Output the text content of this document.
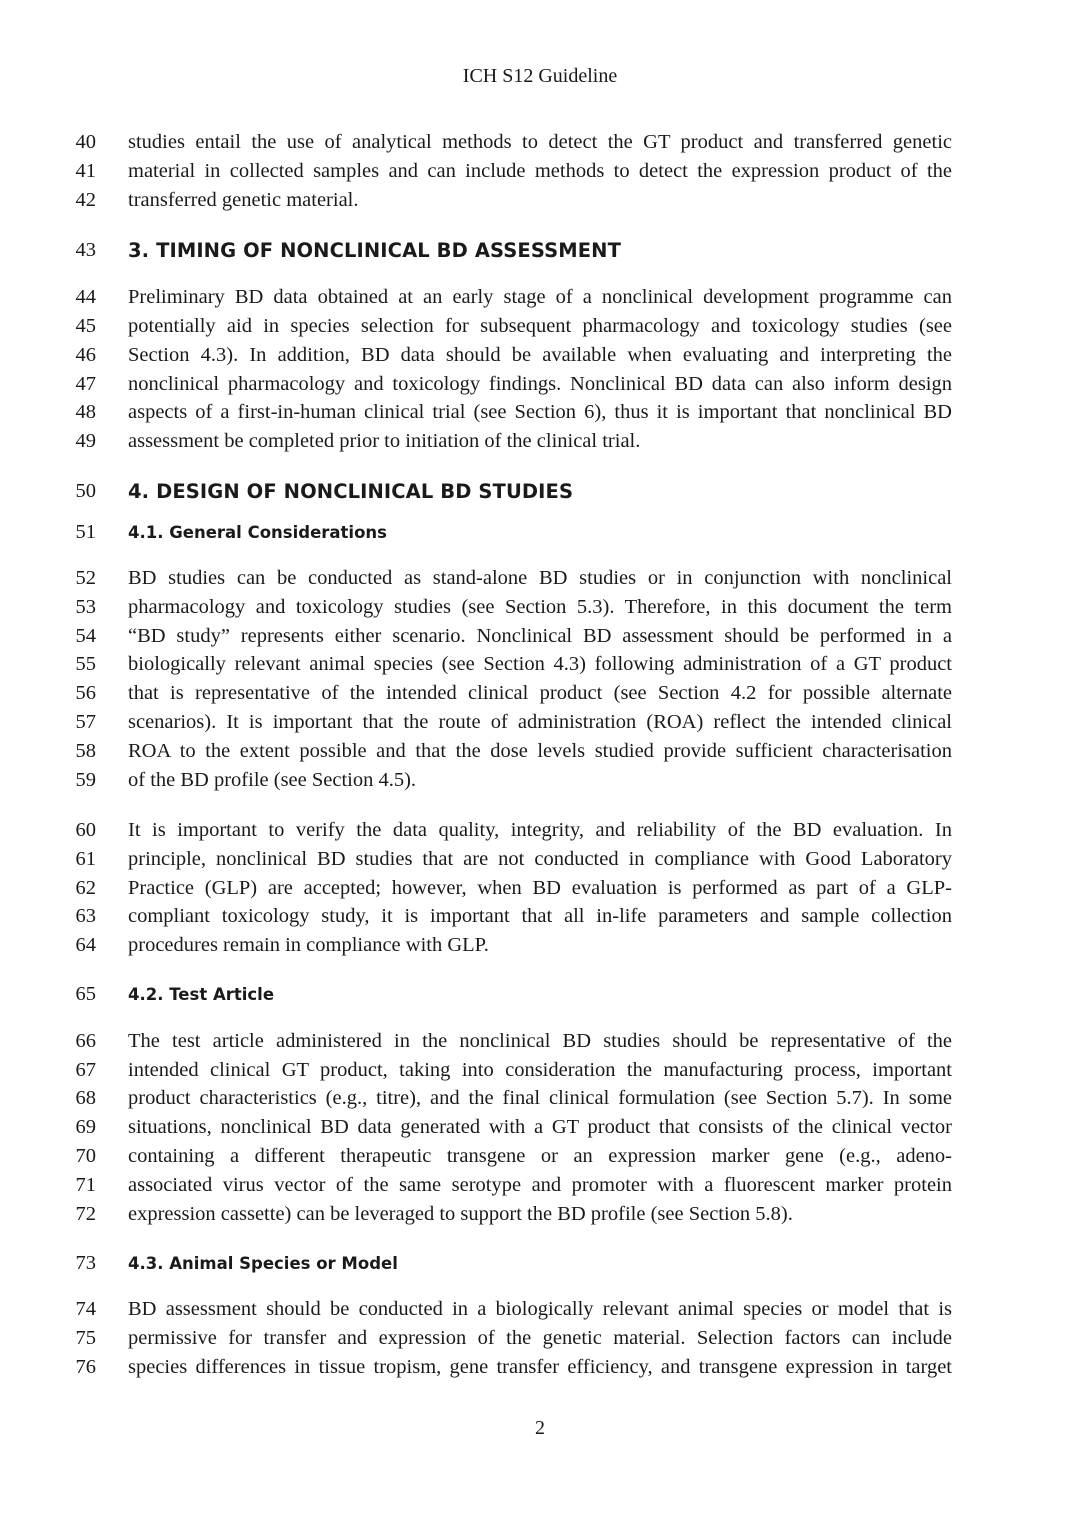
ICH S12 Guideline
40 studies entail the use of analytical methods to detect the GT product and transferred genetic
41 material in collected samples and can include methods to detect the expression product of the
42 transferred genetic material.
43 3. TIMING OF NONCLINICAL BD ASSESSMENT
44 Preliminary BD data obtained at an early stage of a nonclinical development programme can
45 potentially aid in species selection for subsequent pharmacology and toxicology studies (see
46 Section 4.3). In addition, BD data should be available when evaluating and interpreting the
47 nonclinical pharmacology and toxicology findings. Nonclinical BD data can also inform design
48 aspects of a first-in-human clinical trial (see Section 6), thus it is important that nonclinical BD
49 assessment be completed prior to initiation of the clinical trial.
50 4. DESIGN OF NONCLINICAL BD STUDIES
51 4.1. General Considerations
52 BD studies can be conducted as stand-alone BD studies or in conjunction with nonclinical
53 pharmacology and toxicology studies (see Section 5.3). Therefore, in this document the term
54 “BD study” represents either scenario. Nonclinical BD assessment should be performed in a
55 biologically relevant animal species (see Section 4.3) following administration of a GT product
56 that is representative of the intended clinical product (see Section 4.2 for possible alternate
57 scenarios). It is important that the route of administration (ROA) reflect the intended clinical
58 ROA to the extent possible and that the dose levels studied provide sufficient characterisation
59 of the BD profile (see Section 4.5).
60 It is important to verify the data quality, integrity, and reliability of the BD evaluation. In
61 principle, nonclinical BD studies that are not conducted in compliance with Good Laboratory
62 Practice (GLP) are accepted; however, when BD evaluation is performed as part of a GLP-
63 compliant toxicology study, it is important that all in-life parameters and sample collection
64 procedures remain in compliance with GLP.
65 4.2. Test Article
66 The test article administered in the nonclinical BD studies should be representative of the
67 intended clinical GT product, taking into consideration the manufacturing process, important
68 product characteristics (e.g., titre), and the final clinical formulation (see Section 5.7). In some
69 situations, nonclinical BD data generated with a GT product that consists of the clinical vector
70 containing a different therapeutic transgene or an expression marker gene (e.g., adeno-
71 associated virus vector of the same serotype and promoter with a fluorescent marker protein
72 expression cassette) can be leveraged to support the BD profile (see Section 5.8).
73 4.3. Animal Species or Model
74 BD assessment should be conducted in a biologically relevant animal species or model that is
75 permissive for transfer and expression of the genetic material. Selection factors can include
76 species differences in tissue tropism, gene transfer efficiency, and transgene expression in target
2
